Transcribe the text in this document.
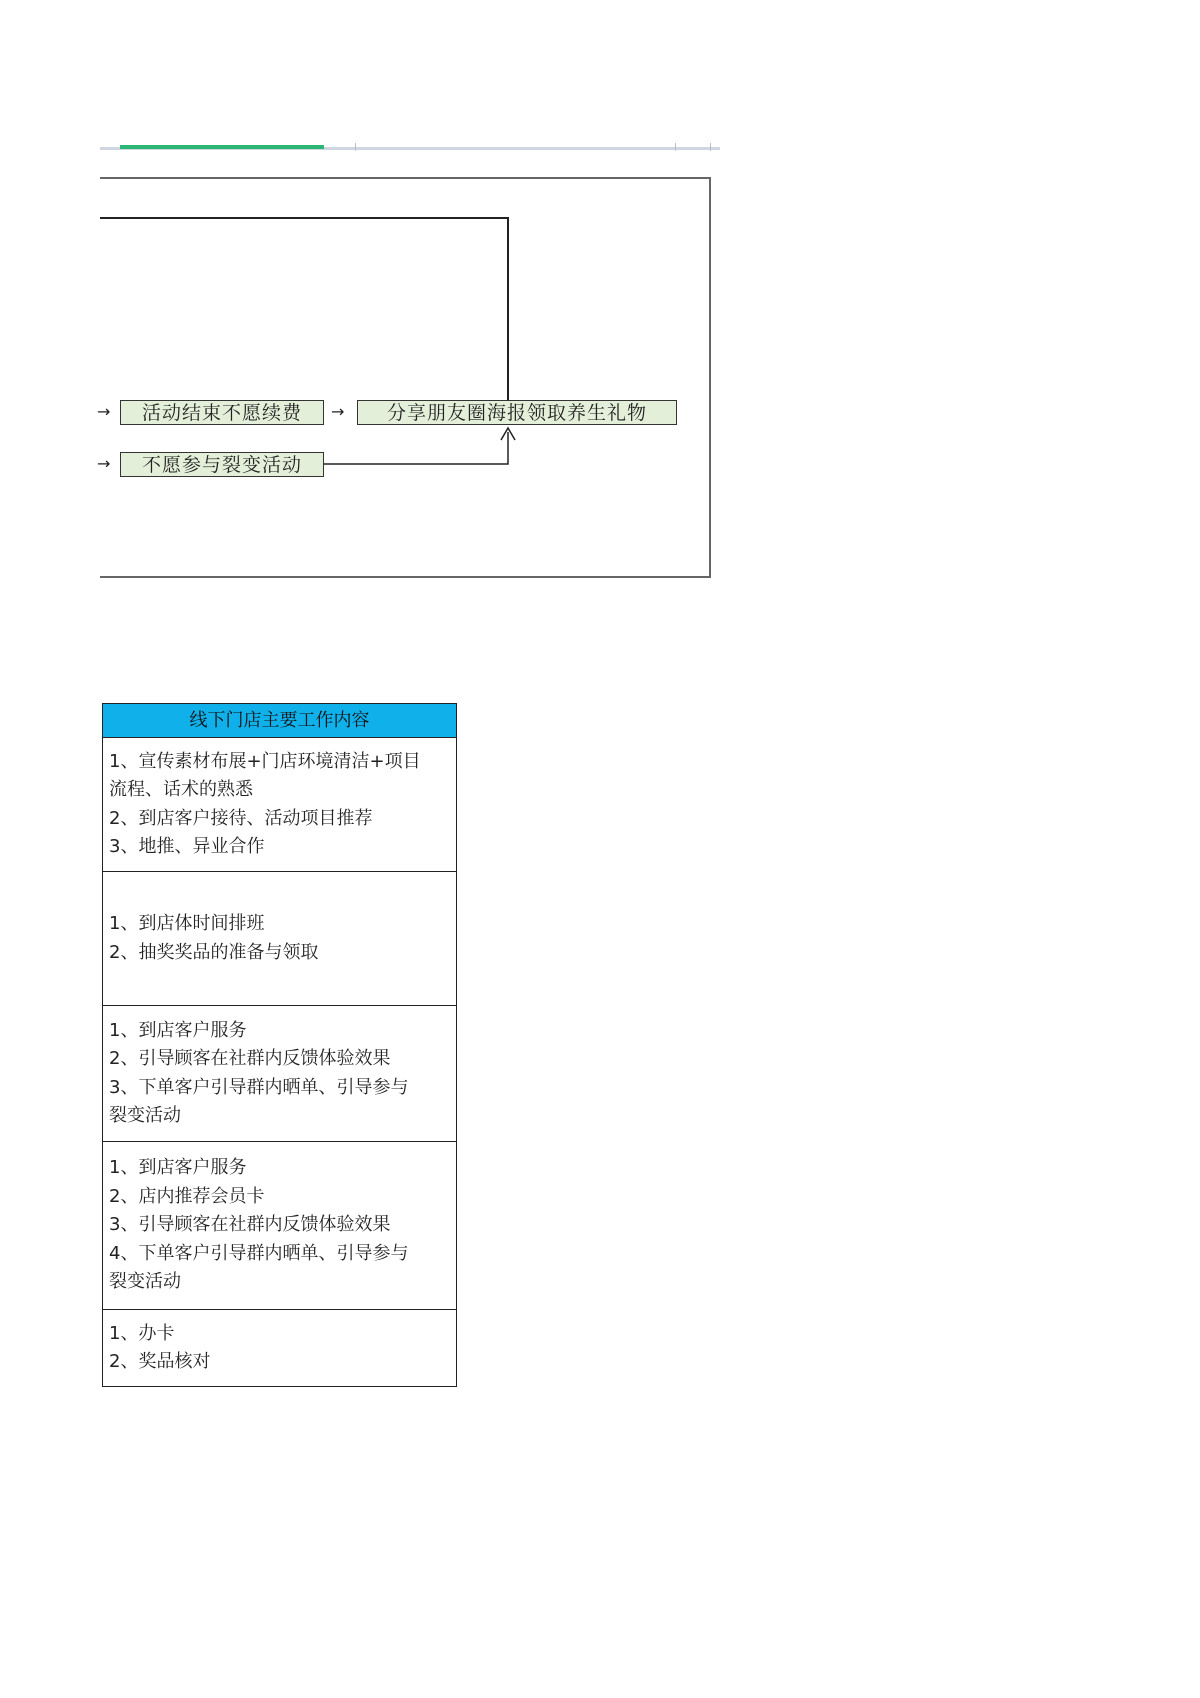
→	活动结束不愿续费	→	分享朋友圈海报领取养生礼物
→	不愿参与裂变活动
线下门店主要工作内容
1、宣传素材布展+门店环境清洁+项目
流程、话术的熟悉
2、到店客户接待、活动项目推荐
3、地推、异业合作
1、到店体时间排班
2、抽奖奖品的准备与领取
1、到店客户服务
2、引导顾客在社群内反馈体验效果
3、下单客户引导群内晒单、引导参与
裂变活动
1、到店客户服务
2、店内推荐会员卡
3、引导顾客在社群内反馈体验效果
4、下单客户引导群内晒单、引导参与
裂变活动
1、办卡
2、奖品核对
